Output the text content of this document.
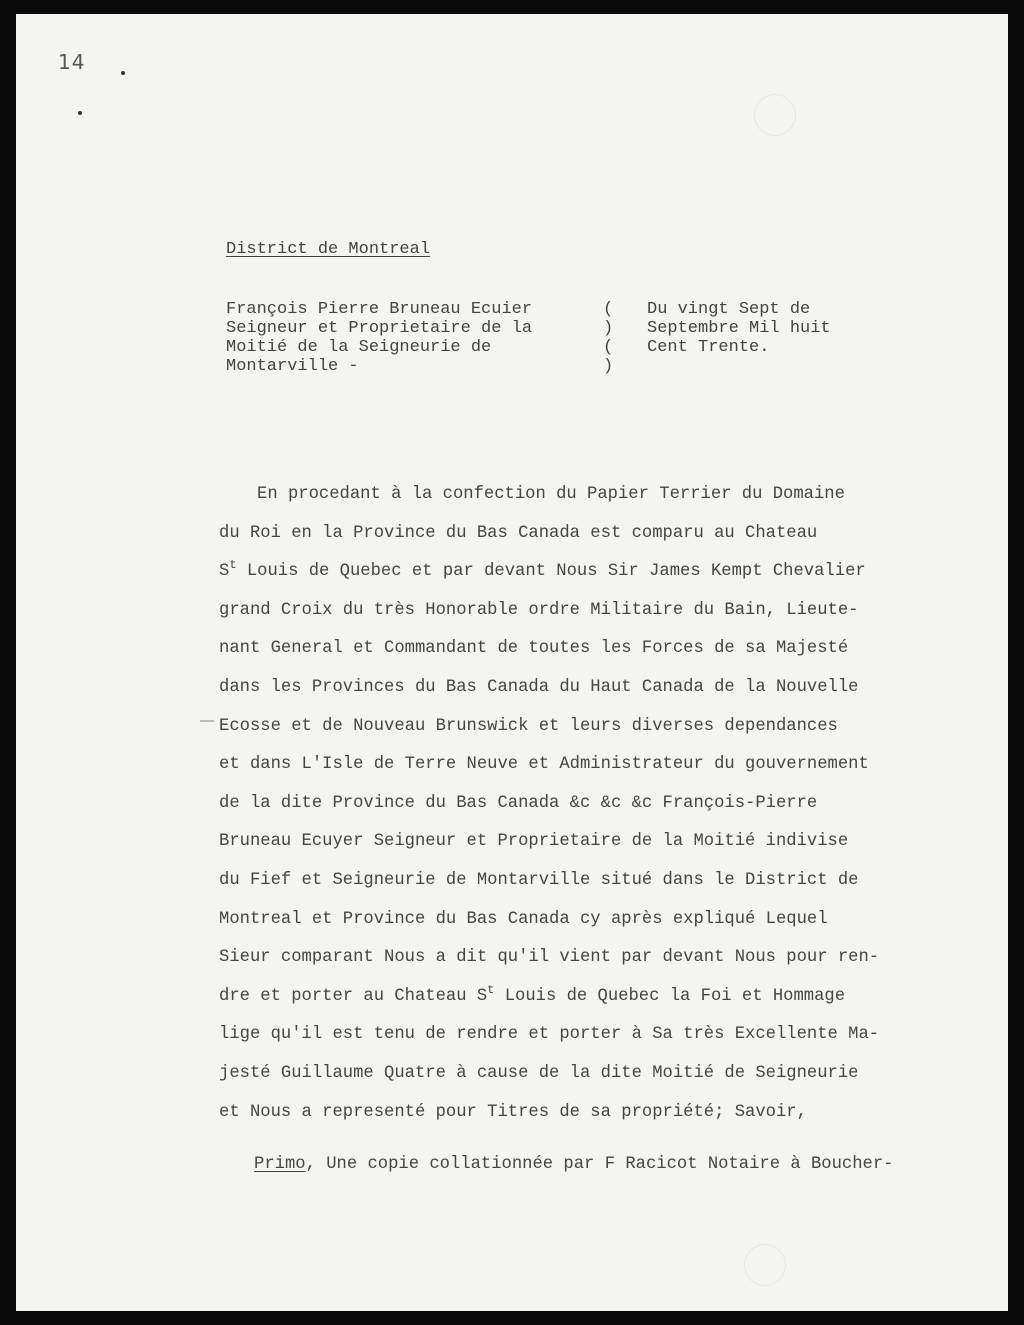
14
District de Montreal
François Pierre Bruneau Ecuier
Seigneur et Proprietaire de la
Moitié de la Seigneurie de
Montarville -
(
)
(
)
Du vingt Sept de
Septembre Mil huit
Cent Trente.
En procedant à la confection du Papier Terrier du Domaine
du Roi en la Province du Bas Canada est comparu au Chateau
$S^t$ Louis de Quebec et par devant Nous Sir James Kempt Chevalier
grand Croix du très Honorable ordre Militaire du Bain, Lieute-
nant General et Commandant de toutes les Forces de sa Majesté
dans les Provinces du Bas Canada du Haut Canada de la Nouvelle
Ecosse et de Nouveau Brunswick et leurs diverses dependances
et dans L'Isle de Terre Neuve et Administrateur du gouvernement
de la dite Province du Bas Canada &c &c &c François-Pierre
Bruneau Ecuyer Seigneur et Proprietaire de la Moitié indivise
du Fief et Seigneurie de Montarville situé dans le District de
Montreal et Province du Bas Canada cy après expliqué Lequel
Sieur comparant Nous a dit qu'il vient par devant Nous pour ren-
dre et porter au Chateau $S^t$ Louis de Quebec la Foi et Hommage
lige qu'il est tenu de rendre et porter à Sa très Excellente Ma-
jesté Guillaume Quatre à cause de la dite Moitié de Seigneurie
et Nous a representé pour Titres de sa propriété; Savoir,
Primo, Une copie collationnée par F Racicot Notaire à Boucher-
